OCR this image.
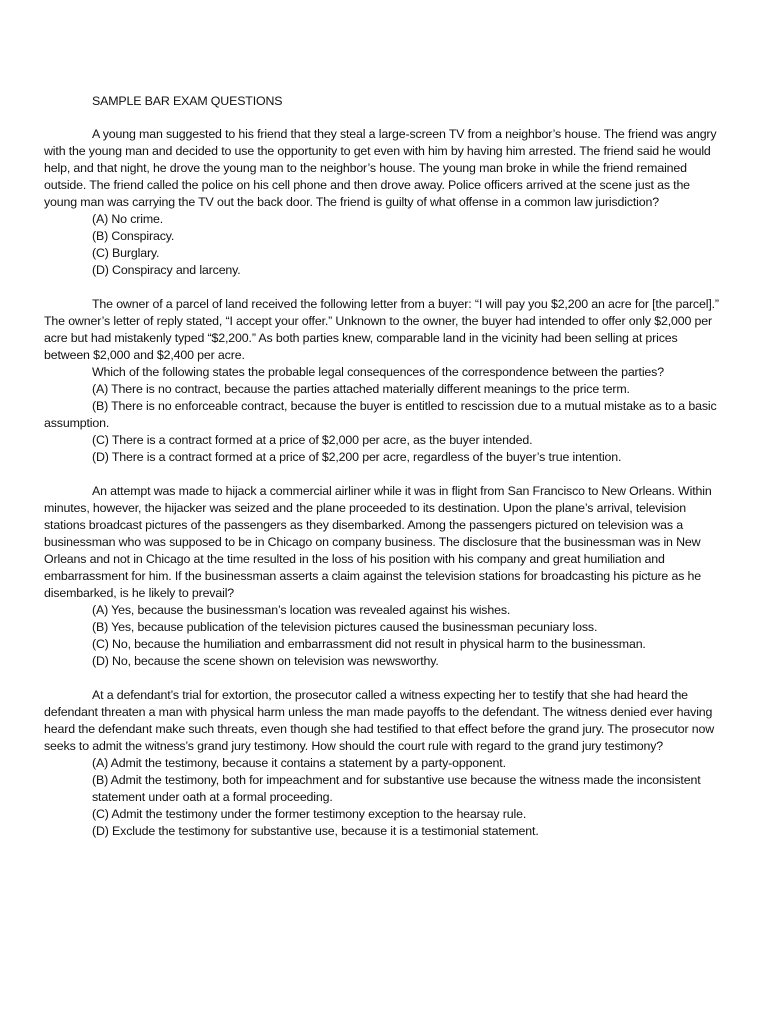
SAMPLE BAR EXAM QUESTIONS

A young man suggested to his friend that they steal a large-screen TV from a neighbor’s house. The friend was angry with the young man and decided to use the opportunity to get even with him by having him arrested. The friend said he would help, and that night, he drove the young man to the neighbor’s house. The young man broke in while the friend remained outside. The friend called the police on his cell phone and then drove away. Police officers arrived at the scene just as the young man was carrying the TV out the back door. The friend is guilty of what offense in a common law jurisdiction?

(A) No crime.
(B) Conspiracy.
(C) Burglary.
(D) Conspiracy and larceny.

The owner of a parcel of land received the following letter from a buyer: “I will pay you $2,200 an acre for [the parcel].” The owner’s letter of reply stated, “I accept your offer.” Unknown to the owner, the buyer had intended to offer only $2,000 per acre but had mistakenly typed “$2,200.” As both parties knew, comparable land in the vicinity had been selling at prices between $2,000 and $2,400 per acre.

Which of the following states the probable legal consequences of the correspondence between the parties?

(A) There is no contract, because the parties attached materially different meanings to the price term.
(B) There is no enforceable contract, because the buyer is entitled to rescission due to a mutual mistake as to a basic assumption.
(C) There is a contract formed at a price of $2,000 per acre, as the buyer intended.
(D) There is a contract formed at a price of $2,200 per acre, regardless of the buyer’s true intention.

An attempt was made to hijack a commercial airliner while it was in flight from San Francisco to New Orleans. Within minutes, however, the hijacker was seized and the plane proceeded to its destination. Upon the plane’s arrival, television stations broadcast pictures of the passengers as they disembarked. Among the passengers pictured on television was a businessman who was supposed to be in Chicago on company business. The disclosure that the businessman was in New Orleans and not in Chicago at the time resulted in the loss of his position with his company and great humiliation and embarrassment for him. If the businessman asserts a claim against the television stations for broadcasting his picture as he disembarked, is he likely to prevail?

(A) Yes, because the businessman’s location was revealed against his wishes.
(B) Yes, because publication of the television pictures caused the businessman pecuniary loss.
(C) No, because the humiliation and embarrassment did not result in physical harm to the businessman.
(D) No, because the scene shown on television was newsworthy.

At a defendant’s trial for extortion, the prosecutor called a witness expecting her to testify that she had heard the defendant threaten a man with physical harm unless the man made payoffs to the defendant. The witness denied ever having heard the defendant make such threats, even though she had testified to that effect before the grand jury. The prosecutor now seeks to admit the witness’s grand jury testimony. How should the court rule with regard to the grand jury testimony?

(A) Admit the testimony, because it contains a statement by a party-opponent.
(B) Admit the testimony, both for impeachment and for substantive use because the witness made the inconsistent statement under oath at a formal proceeding.
(C) Admit the testimony under the former testimony exception to the hearsay rule.
(D) Exclude the testimony for substantive use, because it is a testimonial statement.
